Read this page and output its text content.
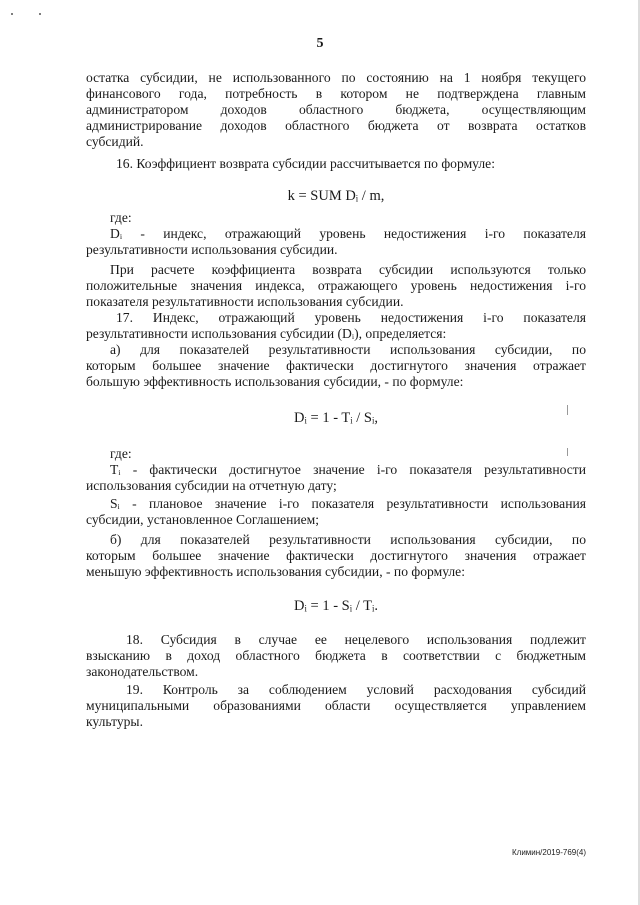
5
остатка субсидии, не использованного по состоянию на 1 ноября текущего
финансового года, потребность в котором не подтверждена главным
администратором доходов областного бюджета, осуществляющим
администрирование доходов областного бюджета от возврата остатков
субсидий.
16. Коэффициент возврата субсидии рассчитывается по формуле:
k = SUM Dᵢ / m,
где:
Dᵢ - индекс, отражающий уровень недостижения i-го показателя
результативности использования субсидии.
При расчете коэффициента возврата субсидии используются только
положительные значения индекса, отражающего уровень недостижения i-го
показателя результативности использования субсидии.
17. Индекс, отражающий уровень недостижения i-го показателя
результативности использования субсидии (Dᵢ), определяется:
а) для показателей результативности использования субсидии, по
которым большее значение фактически достигнутого значения отражает
большую эффективность использования субсидии, - по формуле:
Dᵢ = 1 - Tᵢ / Sᵢ,
где:
Tᵢ - фактически достигнутое значение i-го показателя результативности
использования субсидии на отчетную дату;
Sᵢ - плановое значение i-го показателя результативности использования
субсидии, установленное Соглашением;
б) для показателей результативности использования субсидии, по
которым большее значение фактически достигнутого значения отражает
меньшую эффективность использования субсидии, - по формуле:
Dᵢ = 1 - Sᵢ / Tᵢ.
18. Субсидия в случае ее нецелевого использования подлежит
взысканию в доход областного бюджета в соответствии с бюджетным
законодательством.
19. Контроль за соблюдением условий расходования субсидий
муниципальными образованиями области осуществляется управлением
культуры.
Климин/2019-769(4)
